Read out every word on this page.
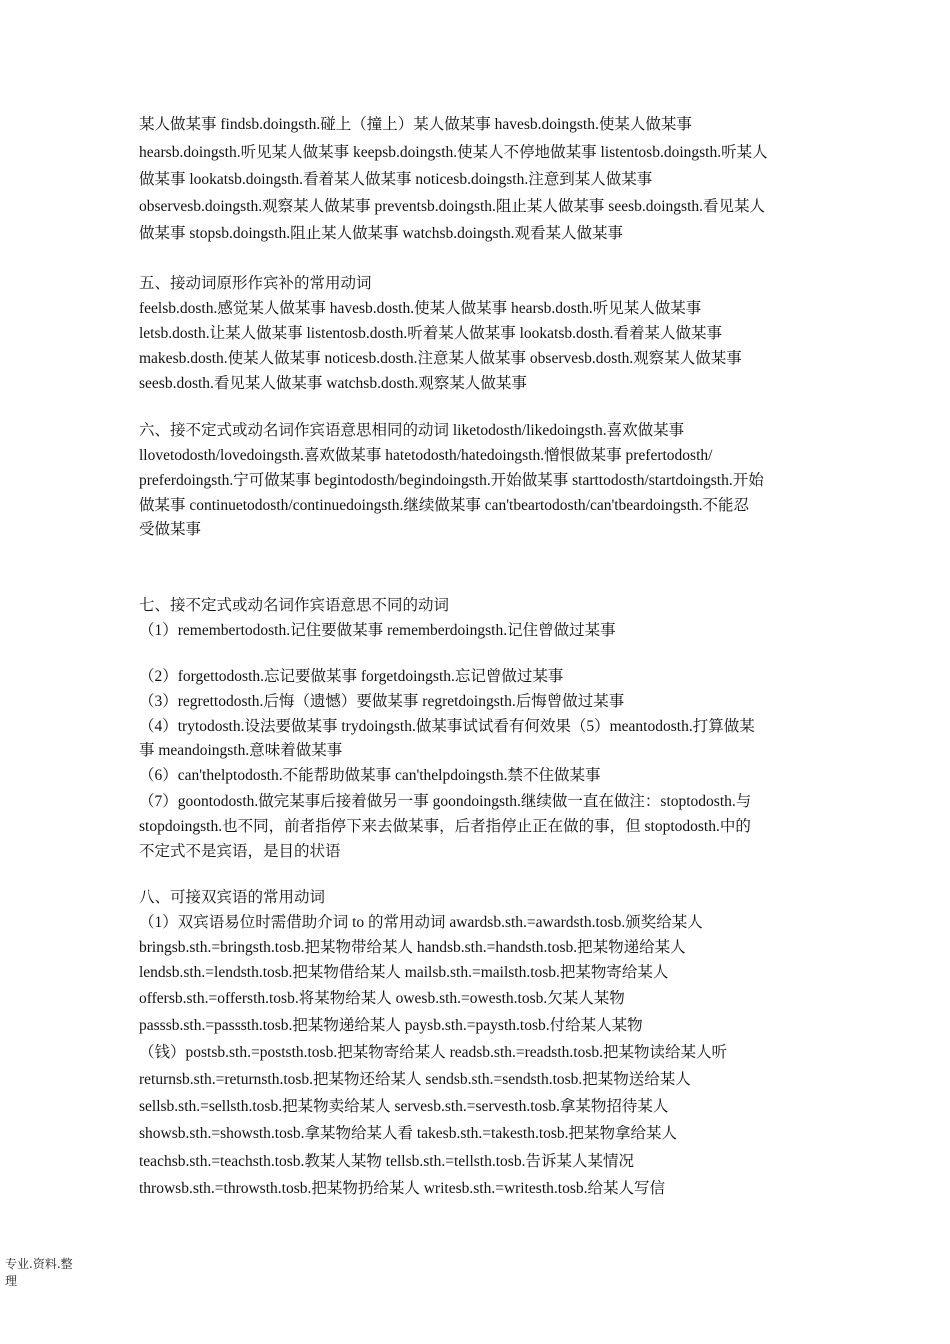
某人做某事 findsb.doingsth.碰上（撞上）某人做某事 havesb.doingsth.使某人做某事
hearsb.doingsth.听见某人做某事 keepsb.doingsth.使某人不停地做某事 listentosb.doingsth.听某人
做某事 lookatsb.doingsth.看着某人做某事 noticesb.doingsth.注意到某人做某事
observesb.doingsth.观察某人做某事 preventsb.doingsth.阻止某人做某事 seesb.doingsth.看见某人
做某事 stopsb.doingsth.阻止某人做某事 watchsb.doingsth.观看某人做某事
五、接动词原形作宾补的常用动词
feelsb.dosth.感觉某人做某事 havesb.dosth.使某人做某事 hearsb.dosth.听见某人做某事
letsb.dosth.让某人做某事 listentosb.dosth.听着某人做某事 lookatsb.dosth.看着某人做某事
makesb.dosth.使某人做某事 noticesb.dosth.注意某人做某事 observesb.dosth.观察某人做某事
seesb.dosth.看见某人做某事 watchsb.dosth.观察某人做某事
六、接不定式或动名词作宾语意思相同的动词 liketodosth/likedoingsth.喜欢做某事
llovetodosth/lovedoingsth.喜欢做某事 hatetodosth/hatedoingsth.憎恨做某事 prefertodosth/
preferdoingsth.宁可做某事 begintodosth/begindoingsth.开始做某事 starttodosth/startdoingsth.开始
做某事 continuetodosth/continuedoingsth.继续做某事 can'tbeartodosth/can'tbeardoingsth.不能忍
受做某事
七、接不定式或动名词作宾语意思不同的动词
（1）remembertodosth.记住要做某事 rememberdoingsth.记住曾做过某事
（2）forgettodosth.忘记要做某事 forgetdoingsth.忘记曾做过某事
（3）regrettodosth.后悔（遗憾）要做某事 regretdoingsth.后悔曾做过某事
（4）trytodosth.设法要做某事 trydoingsth.做某事试试看有何效果（5）meantodosth.打算做某
事 meandoingsth.意味着做某事
（6）can'thelptodosth.不能帮助做某事 can'thelpdoingsth.禁不住做某事
（7）goontodosth.做完某事后接着做另一事 goondoingsth.继续做一直在做注：stoptodosth.与
stopdoingsth.也不同，前者指停下来去做某事，后者指停止正在做的事，但 stoptodosth.中的
不定式不是宾语，是目的状语
八、可接双宾语的常用动词
（1）双宾语易位时需借助介词 to 的常用动词 awardsb.sth.=awardsth.tosb.颁奖给某人
bringsb.sth.=bringsth.tosb.把某物带给某人 handsb.sth.=handsth.tosb.把某物递给某人
lendsb.sth.=lendsth.tosb.把某物借给某人 mailsb.sth.=mailsth.tosb.把某物寄给某人
offersb.sth.=offersth.tosb.将某物给某人 owesb.sth.=owesth.tosb.欠某人某物
passsb.sth.=passsth.tosb.把某物递给某人 paysb.sth.=paysth.tosb.付给某人某物
（钱）postsb.sth.=poststh.tosb.把某物寄给某人 readsb.sth.=readsth.tosb.把某物读给某人听
returnsb.sth.=returnsth.tosb.把某物还给某人 sendsb.sth.=sendsth.tosb.把某物送给某人
sellsb.sth.=sellsth.tosb.把某物卖给某人 servesb.sth.=servesth.tosb.拿某物招待某人
showsb.sth.=showsth.tosb.拿某物给某人看 takesb.sth.=takesth.tosb.把某物拿给某人
teachsb.sth.=teachsth.tosb.教某人某物 tellsb.sth.=tellsth.tosb.告诉某人某情况
throwsb.sth.=throwsth.tosb.把某物扔给某人 writesb.sth.=writesth.tosb.给某人写信
专业.资料.整
理
